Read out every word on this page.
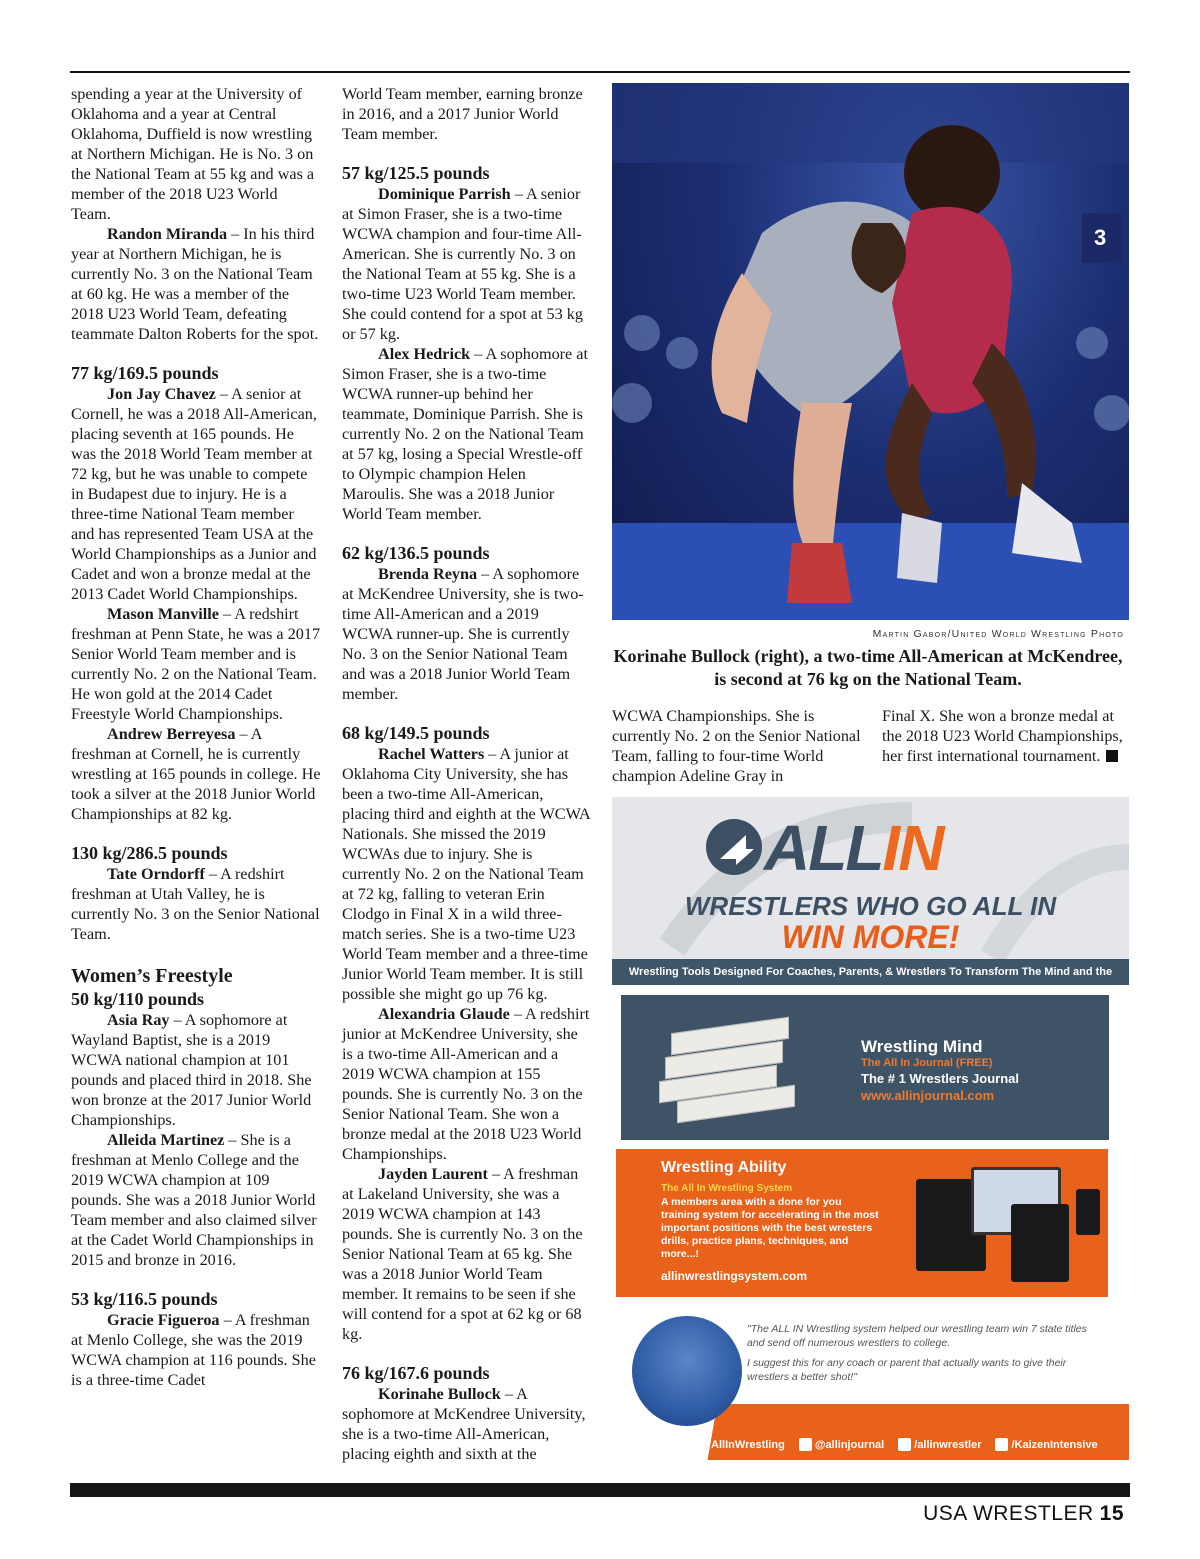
spending a year at the University of Oklahoma and a year at Central Oklahoma, Duffield is now wrestling at Northern Michigan. He is No. 3 on the National Team at 55 kg and was a member of the 2018 U23 World Team.

Randon Miranda – In his third year at Northern Michigan, he is currently No. 3 on the National Team at 60 kg. He was a member of the 2018 U23 World Team, defeating teammate Dalton Roberts for the spot.

77 kg/169.5 pounds

Jon Jay Chavez – A senior at Cornell, he was a 2018 All-American, placing seventh at 165 pounds. He was the 2018 World Team member at 72 kg, but he was unable to compete in Budapest due to injury. He is a three-time National Team member and has represented Team USA at the World Championships as a Junior and Cadet and won a bronze medal at the 2013 Cadet World Championships.

Mason Manville – A redshirt freshman at Penn State, he was a 2017 Senior World Team member and is currently No. 2 on the National Team. He won gold at the 2014 Cadet Freestyle World Championships.

Andrew Berreyesa – A freshman at Cornell, he is currently wrestling at 165 pounds in college. He took a silver at the 2018 Junior World Championships at 82 kg.

130 kg/286.5 pounds

Tate Orndorff – A redshirt freshman at Utah Valley, he is currently No. 3 on the Senior National Team.

Women’s Freestyle
50 kg/110 pounds

Asia Ray – A sophomore at Wayland Baptist, she is a 2019 WCWA national champion at 101 pounds and placed third in 2018. She won bronze at the 2017 Junior World Championships.

Alleida Martinez – She is a freshman at Menlo College and the 2019 WCWA champion at 109 pounds. She was a 2018 Junior World Team member and also claimed silver at the Cadet World Championships in 2015 and bronze in 2016.

53 kg/116.5 pounds

Gracie Figueroa – A freshman at Menlo College, she was the 2019 WCWA champion at 116 pounds. She is a three-time Cadet

World Team member, earning bronze in 2016, and a 2017 Junior World Team member.

57 kg/125.5 pounds

Dominique Parrish – A senior at Simon Fraser, she is a two-time WCWA champion and four-time All-American. She is currently No. 3 on the National Team at 55 kg. She is a two-time U23 World Team member. She could contend for a spot at 53 kg or 57 kg.

Alex Hedrick – A sophomore at Simon Fraser, she is a two-time WCWA runner-up behind her teammate, Dominique Parrish. She is currently No. 2 on the National Team at 57 kg, losing a Special Wrestle-off to Olympic champion Helen Maroulis. She was a 2018 Junior World Team member.

62 kg/136.5 pounds

Brenda Reyna – A sophomore at McKendree University, she is two-time All-American and a 2019 WCWA runner-up. She is currently No. 3 on the Senior National Team and was a 2018 Junior World Team member.

68 kg/149.5 pounds

Rachel Watters – A junior at Oklahoma City University, she has been a two-time All-American, placing third and eighth at the WCWA Nationals. She missed the 2019 WCWAs due to injury. She is currently No. 2 on the National Team at 72 kg, falling to veteran Erin Clodgo in Final X in a wild three-match series. She is a two-time U23 World Team member and a three-time Junior World Team member. It is still possible she might go up 76 kg.

Alexandria Glaude – A redshirt junior at McKendree University, she is a two-time All-American and a 2019 WCWA champion at 155 pounds. She is currently No. 3 on the Senior National Team. She won a bronze medal at the 2018 U23 World Championships.

Jayden Laurent – A freshman at Lakeland University, she was a 2019 WCWA champion at 143 pounds. She is currently No. 3 on the Senior National Team at 65 kg. She was a 2018 Junior World Team member. It remains to be seen if she will contend for a spot at 62 kg or 68 kg.

76 kg/167.6 pounds

Korinahe Bullock – A sophomore at McKendree University, she is a two-time All-American, placing eighth and sixth at the

3
Martin Gabor/United World Wrestling Photo
Korinahe Bullock (right), a two-time All-American at McKendree, is second at 76 kg on the National Team.

WCWA Championships. She is currently No. 2 on the Senior National Team, falling to four-time World champion Adeline Gray in

Final X. She won a bronze medal at the 2018 U23 World Championships, her first international tournament.

ALLIN
WRESTLERS WHO GO ALL IN
WIN MORE!
Wrestling Tools Designed For Coaches, Parents, & Wrestlers To Transform The Mind and the
Wrestling Mind
The All In Journal (FREE)
The # 1 Wrestlers Journal
www.allinjournal.com
Wrestling Ability
The All In Wrestling System
A members area with a done for you training system for accelerating in the most important positions with the best wresters drills, practice plans, techniques, and more...!
allinwrestlingsystem.com

"The ALL IN Wrestling system helped our wrestling team win 7 state titles and send off numerous wrestlers to college.

I suggest this for any coach or parent that actually wants to give their wrestlers a better shot!"

/AllInWrestling	@allinjournal	/allinwrestler	/KaizenIntensive
USA WRESTLER 15
